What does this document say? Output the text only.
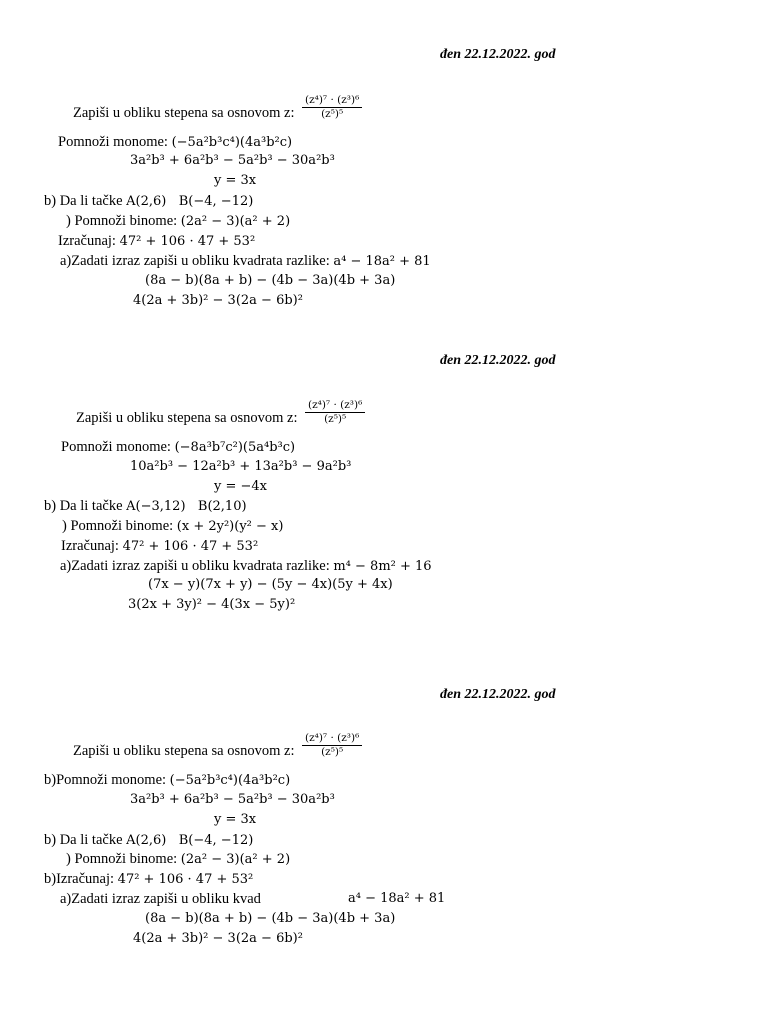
đen 22.12.2022. god
Zapiši u obliku stepena sa osnovom z: $\frac{\text{(z⁴)⁷ · (z³)⁶}}{\text{(z⁵)⁵}}$
Pomnoži monome: (−5a²b³c⁴)(4a³b²c)
3a²b³ + 6a²b³ − 5a²b³ − 30a²b³
y = 3x
b) Da li tačke A(2,6)   B(−4, −12)
) Pomnoži binome: (2a² − 3)(a² + 2)
Izračunaj: 47² + 106 · 47 + 53²
a)Zadati izraz zapiši u obliku kvadrata razlike: a⁴ − 18a² + 81
(8a − b)(8a + b) − (4b − 3a)(4b + 3a)
4(2a + 3b)² − 3(2a − 6b)²
đen 22.12.2022. god
Zapiši u obliku stepena sa osnovom z: $\frac{\text{(z⁴)⁷ · (z³)⁶}}{\text{(z⁵)⁵}}$
Pomnoži monome: (−8a³b⁷c²)(5a⁴b³c)
10a²b³ − 12a²b³ + 13a²b³ − 9a²b³
y = −4x
b) Da li tačke A(−3,12)   B(2,10)
) Pomnoži binome: (x + 2y²)(y² − x)
Izračunaj: 47² + 106 · 47 + 53²
a)Zadati izraz zapiši u obliku kvadrata razlike: m⁴ − 8m² + 16
(7x − y)(7x + y) − (5y − 4x)(5y + 4x)
3(2x + 3y)² − 4(3x − 5y)²
đen 22.12.2022. god
Zapiši u obliku stepena sa osnovom z: $\frac{\text{(z⁴)⁷ · (z³)⁶}}{\text{(z⁵)⁵}}$
b)Pomnoži monome: (−5a²b³c⁴)(4a³b²c)
3a²b³ + 6a²b³ − 5a²b³ − 30a²b³
y = 3x
b) Da li tačke A(2,6)   B(−4, −12)
) Pomnoži binome: (2a² − 3)(a² + 2)
b)Izračunaj: 47² + 106 · 47 + 53²
a)Zadati izraz zapiši u obliku kvad	a⁴ − 18a² + 81
(8a − b)(8a + b) − (4b − 3a)(4b + 3a)
4(2a + 3b)² − 3(2a − 6b)²
